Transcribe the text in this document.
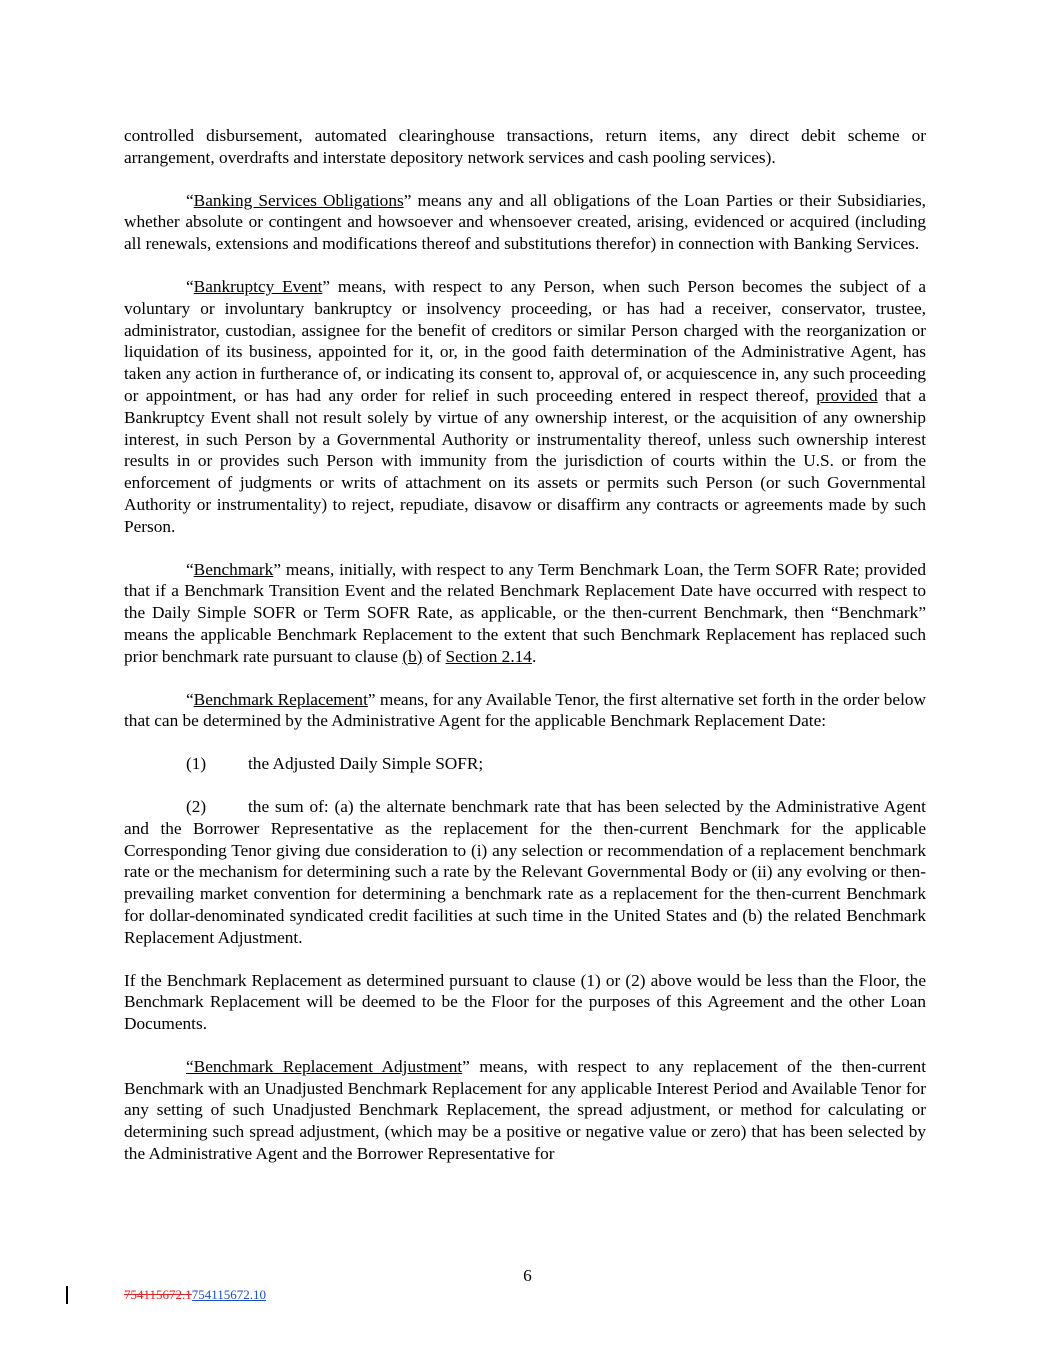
controlled disbursement, automated clearinghouse transactions, return items, any direct debit scheme or arrangement, overdrafts and interstate depository network services and cash pooling services).

“Banking Services Obligations” means any and all obligations of the Loan Parties or their Subsidiaries, whether absolute or contingent and howsoever and whensoever created, arising, evidenced or acquired (including all renewals, extensions and modifications thereof and substitutions therefor) in connection with Banking Services.

“Bankruptcy Event” means, with respect to any Person, when such Person becomes the subject of a voluntary or involuntary bankruptcy or insolvency proceeding, or has had a receiver, conservator, trustee, administrator, custodian, assignee for the benefit of creditors or similar Person charged with the reorganization or liquidation of its business, appointed for it, or, in the good faith determination of the Administrative Agent, has taken any action in furtherance of, or indicating its consent to, approval of, or acquiescence in, any such proceeding or appointment, or has had any order for relief in such proceeding entered in respect thereof, provided that a Bankruptcy Event shall not result solely by virtue of any ownership interest, or the acquisition of any ownership interest, in such Person by a Governmental Authority or instrumentality thereof, unless such ownership interest results in or provides such Person with immunity from the jurisdiction of courts within the U.S. or from the enforcement of judgments or writs of attachment on its assets or permits such Person (or such Governmental Authority or instrumentality) to reject, repudiate, disavow or disaffirm any contracts or agreements made by such Person.

“Benchmark” means, initially, with respect to any Term Benchmark Loan, the Term SOFR Rate; provided that if a Benchmark Transition Event and the related Benchmark Replacement Date have occurred with respect to the Daily Simple SOFR or Term SOFR Rate, as applicable, or the then-current Benchmark, then “Benchmark” means the applicable Benchmark Replacement to the extent that such Benchmark Replacement has replaced such prior benchmark rate pursuant to clause (b) of Section 2.14.

“Benchmark Replacement” means, for any Available Tenor, the first alternative set forth in the order below that can be determined by the Administrative Agent for the applicable Benchmark Replacement Date:

(1) the Adjusted Daily Simple SOFR;

(2) the sum of: (a) the alternate benchmark rate that has been selected by the Administrative Agent and the Borrower Representative as the replacement for the then-current Benchmark for the applicable Corresponding Tenor giving due consideration to (i) any selection or recommendation of a replacement benchmark rate or the mechanism for determining such a rate by the Relevant Governmental Body or (ii) any evolving or then-prevailing market convention for determining a benchmark rate as a replacement for the then-current Benchmark for dollar-denominated syndicated credit facilities at such time in the United States and (b) the related Benchmark Replacement Adjustment.

If the Benchmark Replacement as determined pursuant to clause (1) or (2) above would be less than the Floor, the Benchmark Replacement will be deemed to be the Floor for the purposes of this Agreement and the other Loan Documents.

“Benchmark Replacement Adjustment” means, with respect to any replacement of the then-current Benchmark with an Unadjusted Benchmark Replacement for any applicable Interest Period and Available Tenor for any setting of such Unadjusted Benchmark Replacement, the spread adjustment, or method for calculating or determining such spread adjustment, (which may be a positive or negative value or zero) that has been selected by the Administrative Agent and the Borrower Representative for

6
754115672.1754115672.10
